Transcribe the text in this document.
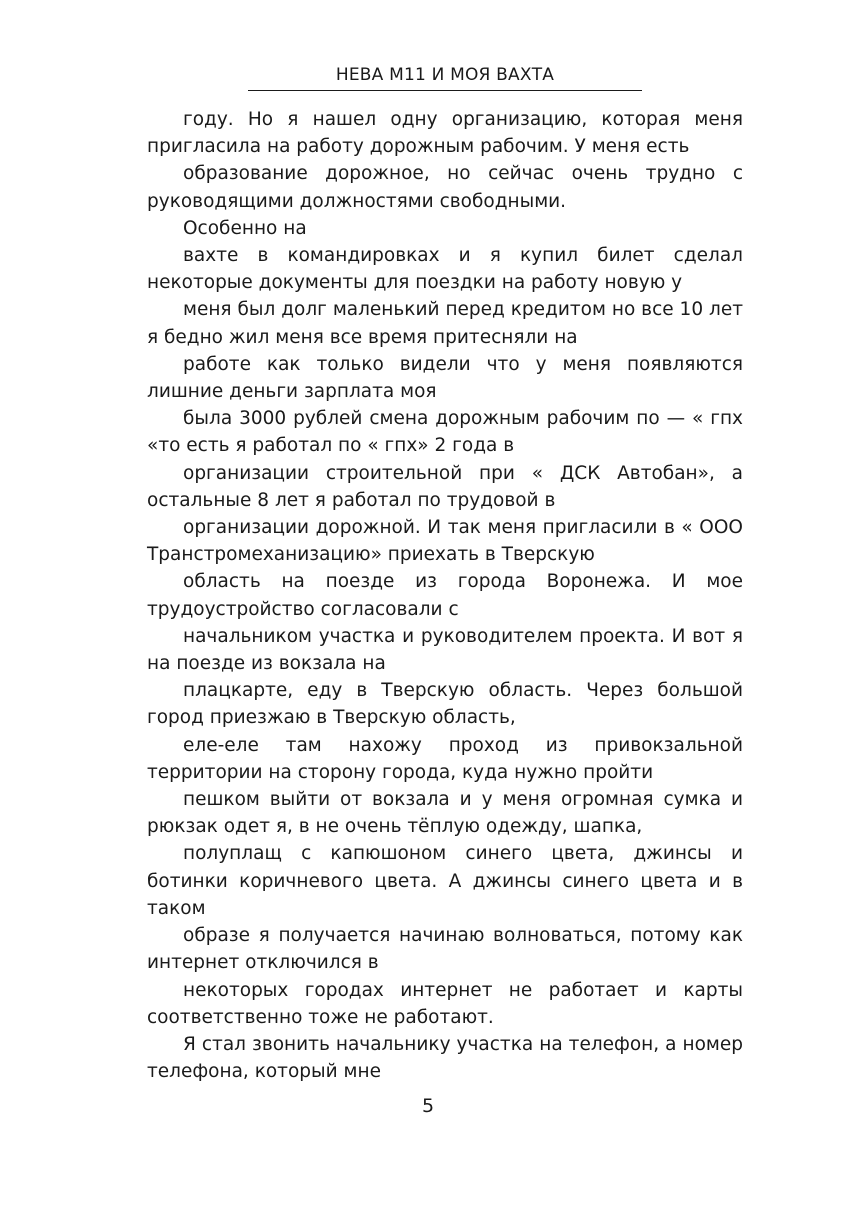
НЕВА М11 И МОЯ ВАХТА

году. Но я нашел одну организацию, которая меня пригласила на работу дорожным рабочим. У меня есть

образование дорожное, но сейчас очень трудно с руководящими должностями свободными.

Особенно на

вахте в командировках и я купил билет сделал некоторые документы для поездки на работу новую у

меня был долг маленький перед кредитом но все 10 лет я бедно жил меня все время притесняли на

работе как только видели что у меня появляются лишние деньги зарплата моя

была 3000 рублей смена дорожным рабочим по — « гпх «то есть я работал по « гпх» 2 года в

организации строительной при « ДСК Автобан», а остальные 8 лет я работал по трудовой в

организации дорожной. И так меня пригласили в « ООО Транстромеханизацию» приехать в Тверскую

область на поезде из города Воронежа. И мое трудоустройство согласовали с

начальником участка и руководителем проекта. И вот я на поезде из вокзала на

плацкарте, еду в Тверскую область. Через большой город приезжаю в Тверскую область,

еле-еле там нахожу проход из привокзальной территории на сторону города, куда нужно пройти

пешком выйти от вокзала и у меня огромная сумка и рюкзак одет я, в не очень тёплую одежду, шапка,

полуплащ с капюшоном синего цвета, джинсы и ботинки коричневого цвета. А джинсы синего цвета и в таком

образе я получается начинаю волноваться, потому как интернет отключился в

некоторых городах интернет не работает и карты соответственно тоже не работают.

Я стал звонить начальнику участка на телефон, а номер телефона, который мне

5
